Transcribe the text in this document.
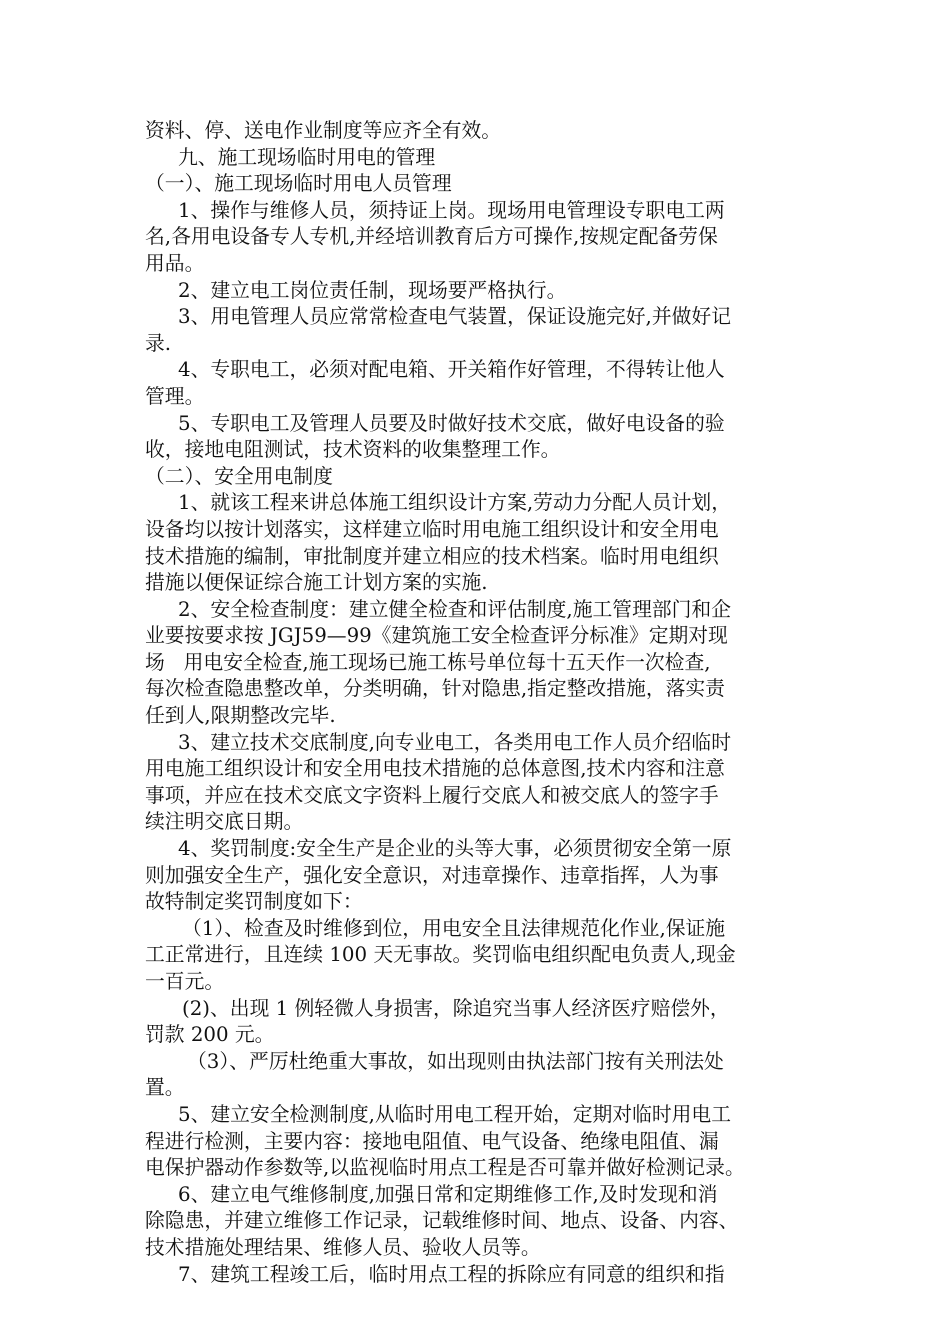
资料、停、送电作业制度等应齐全有效。
九、施工现场临时用电的管理
（一）、施工现场临时用电人员管理
1、操作与维修人员，须持证上岗。现场用电管理设专职电工两
名,各用电设备专人专机,并经培训教育后方可操作,按规定配备劳保
用品。
2、建立电工岗位责任制，现场要严格执行。
3、用电管理人员应常常检查电气装置，保证设施完好,并做好记
录.
4、专职电工，必须对配电箱、开关箱作好管理，不得转让他人
管理。
5、专职电工及管理人员要及时做好技术交底，做好电设备的验
收，接地电阻测试，技术资料的收集整理工作。
（二）、安全用电制度
1、就该工程来讲总体施工组织设计方案,劳动力分配人员计划，
设备均以按计划落实，这样建立临时用电施工组织设计和安全用电
技术措施的编制，审批制度并建立相应的技术档案。临时用电组织
措施以便保证综合施工计划方案的实施.
2、安全检查制度：建立健全检查和评估制度,施工管理部门和企
业要按要求按 JGJ59—99《建筑施工安全检查评分标准》定期对现
场   用电安全检查,施工现场已施工栋号单位每十五天作一次检查,
每次检查隐患整改单，分类明确，针对隐患,指定整改措施，落实责
任到人,限期整改完毕.
3、建立技术交底制度,向专业电工，各类用电工作人员介绍临时
用电施工组织设计和安全用电技术措施的总体意图,技术内容和注意
事项，并应在技术交底文字资料上履行交底人和被交底人的签字手
续注明交底日期。
4、奖罚制度:安全生产是企业的头等大事，必须贯彻安全第一原
则加强安全生产，强化安全意识，对违章操作、违章指挥，人为事
故特制定奖罚制度如下：
（1）、检查及时维修到位，用电安全且法律规范化作业,保证施
工正常进行，且连续 100 天无事故。奖罚临电组织配电负责人,现金
一百元。
(2)、出现 1 例轻微人身损害，除追究当事人经济医疗赔偿外，
罚款 200 元。
（3）、严厉杜绝重大事故，如出现则由执法部门按有关刑法处
置。
5、建立安全检测制度,从临时用电工程开始，定期对临时用电工
程进行检测，主要内容：接地电阻值、电气设备、绝缘电阻值、漏
电保护器动作参数等,以监视临时用点工程是否可靠并做好检测记录。
6、建立电气维修制度,加强日常和定期维修工作,及时发现和消
除隐患，并建立维修工作记录，记载维修时间、地点、设备、内容、
技术措施处理结果、维修人员、验收人员等。
7、建筑工程竣工后，临时用点工程的拆除应有同意的组织和指
